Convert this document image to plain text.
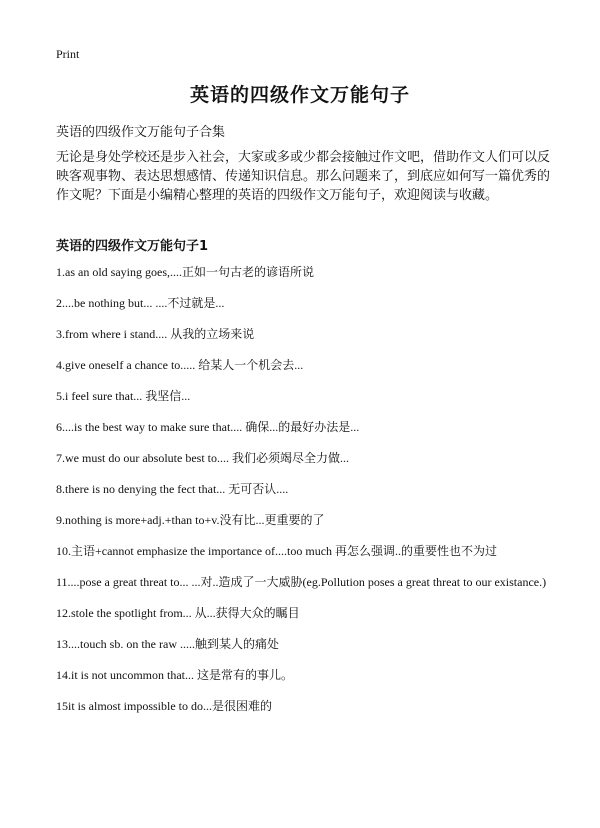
Print
英语的四级作文万能句子
英语的四级作文万能句子合集
无论是身处学校还是步入社会，大家或多或少都会接触过作文吧，借助作文人们可以反映客观事物、表达思想感情、传递知识信息。那么问题来了，到底应如何写一篇优秀的作文呢？下面是小编精心整理的英语的四级作文万能句子，欢迎阅读与收藏。
英语的四级作文万能句子1
1.as an old saying goes,....正如一句古老的谚语所说
2....be nothing but... ....不过就是...
3.from where i stand.... 从我的立场来说
4.give oneself a chance to..... 给某人一个机会去...
5.i feel sure that... 我坚信...
6....is the best way to make sure that.... 确保...的最好办法是...
7.we must do our absolute best to.... 我们必须竭尽全力做...
8.there is no denying the fect that... 无可否认....
9.nothing is more+adj.+than to+v.没有比...更重要的了
10.主语+cannot emphasize the importance of....too much 再怎么强调..的重要性也不为过
11....pose a great threat to... ...对..造成了一大威胁(eg.Pollution poses a great threat to our existance.)
12.stole the spotlight from... 从...获得大众的瞩目
13....touch sb. on the raw .....触到某人的痛处
14.it is not uncommon that... 这是常有的事儿。
15it is almost impossible to do...是很困难的
